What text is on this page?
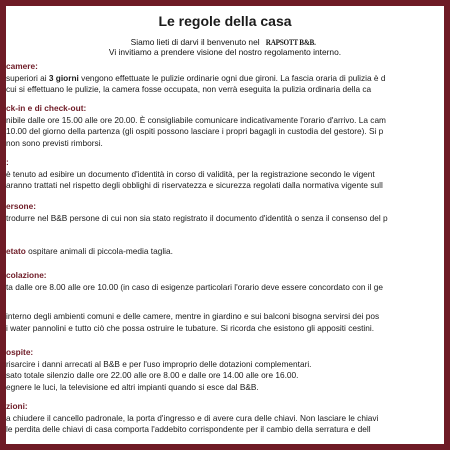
Le regole della casa
Siamo lieti di darvi il benvenuto nel RAPSOTT B&B.
Vi invitiamo a prendere visione del nostro regolamento interno.
camere:
superiori ai 3 giorni vengono effettuate le pulizie ordinarie ogni due gironi. La fascia oraria di pulizia è d
cui si effettuano le pulizie, la camera fosse occupata, non verrà eseguita la pulizia ordinaria della ca
ck-in e di check-out:
nibile dalle ore 15.00 alle ore 20.00. È consigliabile comunicare indicativamente l'orario d'arrivo. La cam
10.00 del giorno della partenza (gli ospiti possono lasciare i propri bagagli in custodia del gestore). Si p
non sono previsti rimborsi.
:
è tenuto ad esibire un documento d'identità in corso di validità, per la registrazione secondo le vigent
aranno trattati nel rispetto degli obblighi di riservatezza e sicurezza regolati dalla normativa vigente sull
ersone:
trodurre nel B&B persone di cui non sia stato registrato il documento d'identità o senza il consenso del p
etato ospitare animali di piccola-media taglia.
colazione:
ta dalle ore 8.00 alle ore 10.00 (in caso di esigenze particolari l'orario deve essere concordato con il ge
interno degli ambienti comuni e delle camere, mentre in giardino e sui balconi bisogna servirsi dei pos
i water pannolini e tutto ciò che possa ostruire le tubature. Si ricorda che esistono gli appositi cestini.
ospite:
risarcire i danni arrecati al B&B e per l'uso improprio delle dotazioni complementari.
sato totale silenzio dalle ore 22.00 alle ore 8.00 e dalle ore 14.00 alle ore 16.00.
egnere le luci, la televisione ed altri impianti quando si esce dal B&B.
zioni:
a chiudere il cancello padronale, la porta d'ingresso e di avere cura delle chiavi. Non lasciare le chiavi
le perdita delle chiavi di casa comporta l'addebito corrispondente per il cambio della serratura e dell
